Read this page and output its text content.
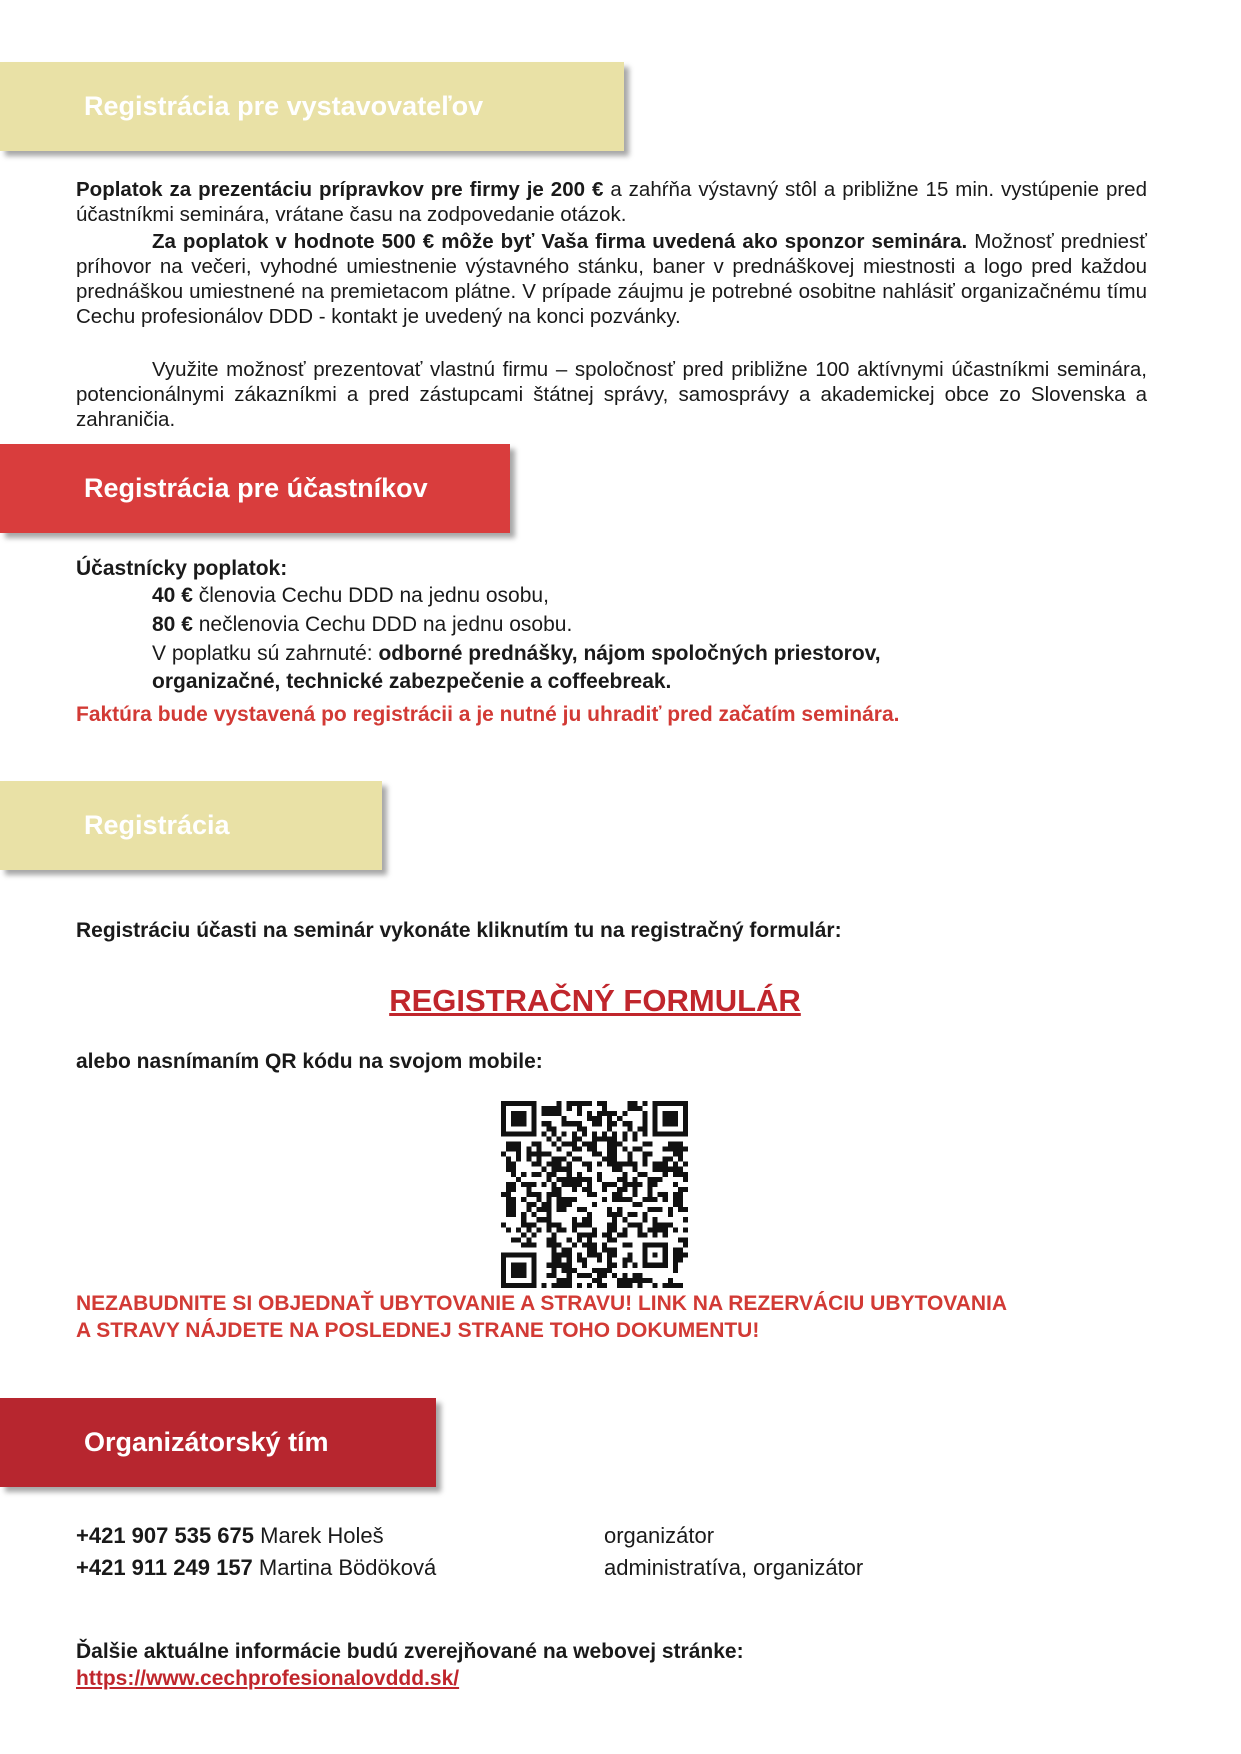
Registrácia pre vystavovateľov
Poplatok za prezentáciu prípravkov pre firmy je 200 € a zahŕňa výstavný stôl a približne 15 min. vystúpenie pred účastníkmi seminára, vrátane času na zodpovedanie otázok.
Za poplatok v hodnote 500 € môže byť Vaša firma uvedená ako sponzor seminára. Možnosť predniesť príhovor na večeri, vyhodné umiestnenie výstavného stánku, baner v prednáškovej miestnosti a logo pred každou prednáškou umiestnené na premietacom plátne. V prípade záujmu je potrebné osobitne nahlásiť organizačnému tímu Cechu profesionálov DDD - kontakt je uvedený na konci pozvánky.
Využite možnosť prezentovať vlastnú firmu – spoločnosť pred približne 100 aktívnymi účastníkmi seminára, potencionálnymi zákazníkmi a pred zástupcami štátnej správy, samosprávy a akademickej obce zo Slovenska a zahraničia.
Registrácia pre účastníkov
Účastnícky poplatok:
40 € členovia Cechu DDD na jednu osobu,
80 € nečlenovia Cechu DDD na jednu osobu.
V poplatku sú zahrnuté: odborné prednášky, nájom spoločných priestorov,
organizačné, technické zabezpečenie a coffeebreak.
Faktúra bude vystavená po registrácii a je nutné ju uhradiť pred začatím seminára.
Registrácia
Registráciu účasti na seminár vykonáte kliknutím tu na registračný formulár:
REGISTRAČNÝ FORMULÁR
alebo nasnímaním QR kódu na svojom mobile:
NEZABUDNITE SI OBJEDNAŤ UBYTOVANIE A STRAVU! LINK NA REZERVÁCIU UBYTOVANIA
A STRAVY NÁJDETE NA POSLEDNEJ STRANE TOHO DOKUMENTU!
Organizátorský tím
+421 907 535 675 Marek Holeš	organizátor
+421 911 249 157 Martina Bödöková	administratíva, organizátor
Ďalšie aktuálne informácie budú zverejňované na webovej stránke:
https://www.cechprofesionalovddd.sk/
